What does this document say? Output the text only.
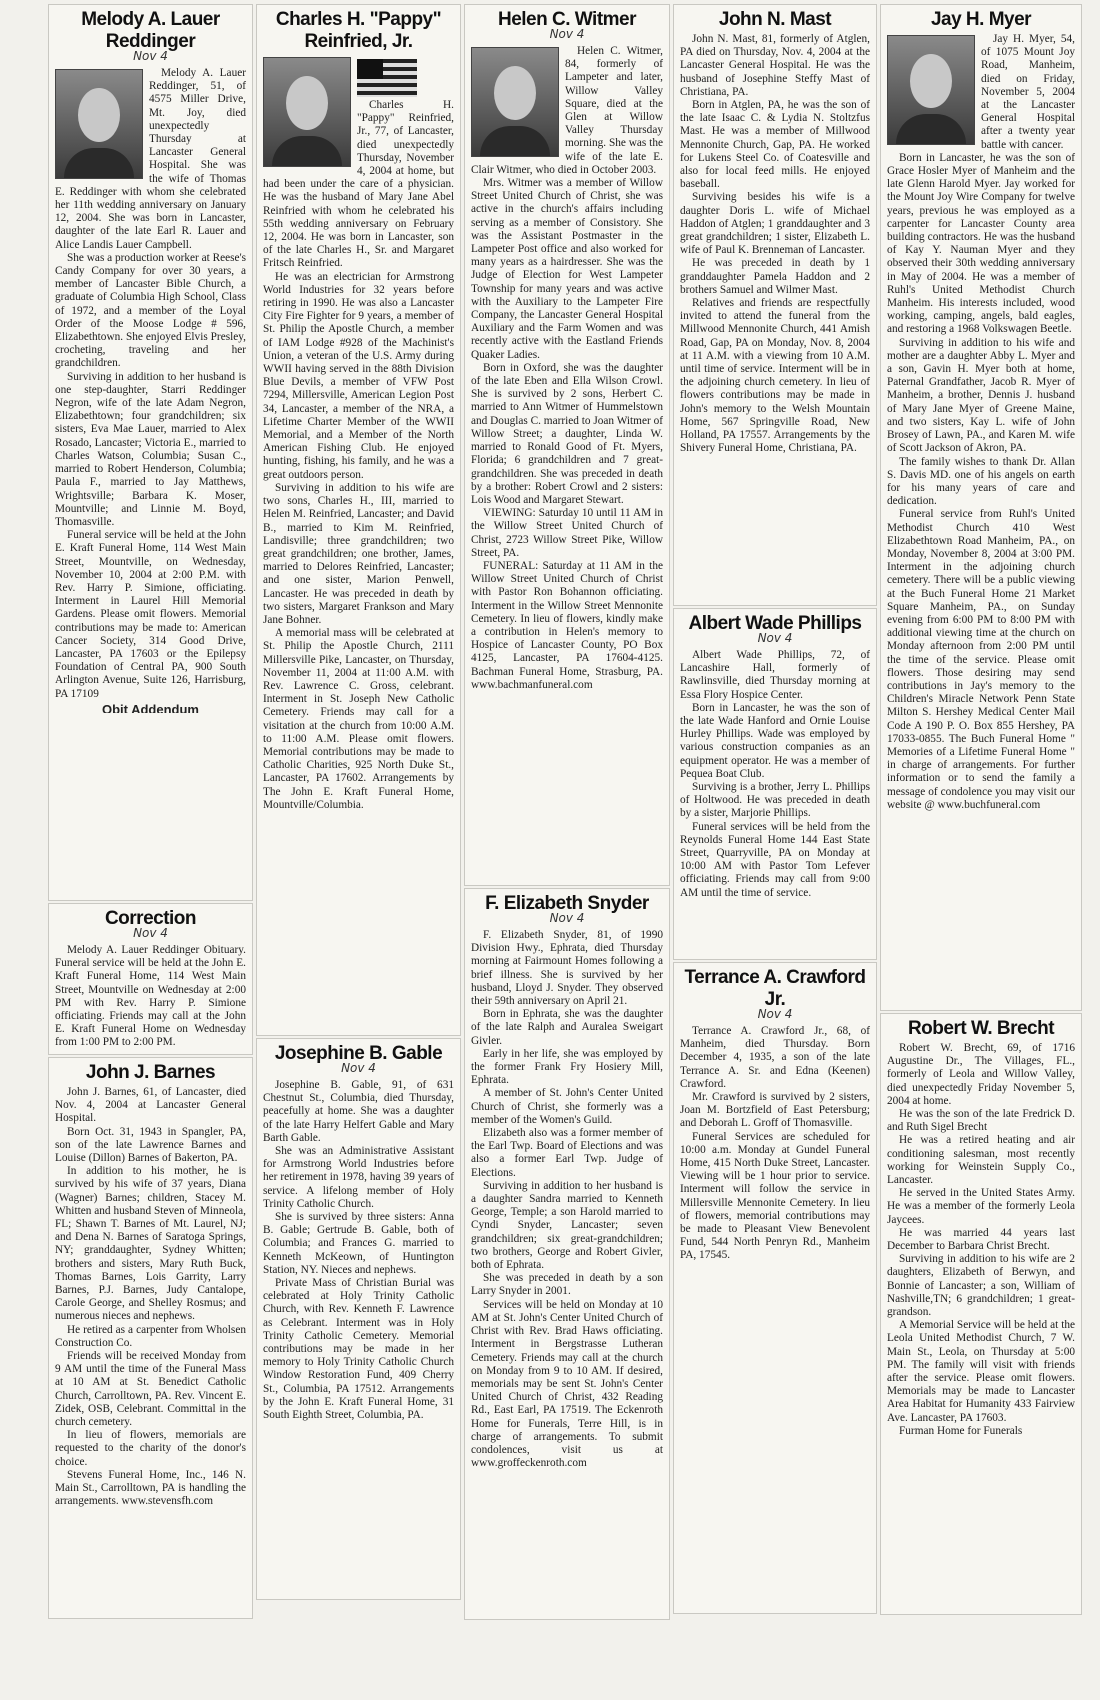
Melody A. Lauer Reddinger
Nov 4

Melody A. Lauer Reddinger, 51, of 4575 Miller Drive, Mt. Joy, died unexpectedly Thursday at Lancaster General Hospital. She was the wife of Thomas E. Reddinger with whom she celebrated her 11th wedding anniversary on January 12, 2004. She was born in Lancaster, daughter of the late Earl R. Lauer and Alice Landis Lauer Campbell.

She was a production worker at Reese's Candy Company for over 30 years, a member of Lancaster Bible Church, a graduate of Columbia High School, Class of 1972, and a member of the Loyal Order of the Moose Lodge # 596, Elizabethtown. She enjoyed Elvis Presley, crocheting, traveling and her grandchildren.

Surviving in addition to her husband is one step-daughter, Starri Reddinger Negron, wife of the late Adam Negron, Elizabethtown; four grandchildren; six sisters, Eva Mae Lauer, married to Alex Rosado, Lancaster; Victoria E., married to Charles Watson, Columbia; Susan C., married to Robert Henderson, Columbia; Paula F., married to Jay Matthews, Wrightsville; Barbara K. Moser, Mountville; and Linnie M. Boyd, Thomasville.

Funeral service will be held at the John E. Kraft Funeral Home, 114 West Main Street, Mountville, on Wednesday, November 10, 2004 at 2:00 P.M. with Rev. Harry P. Simione, officiating. Interment in Laurel Hill Memorial Gardens. Please omit flowers. Memorial contributions may be made to: American Cancer Society, 314 Good Drive, Lancaster, PA 17603 or the Epilepsy Foundation of Central PA, 900 South Arlington Avenue, Suite 126, Harrisburg, PA 17109

Obit Addendum
Correction
Nov 4

Melody A. Lauer Reddinger Obituary. Funeral service will be held at the John E. Kraft Funeral Home, 114 West Main Street, Mountville on Wednesday at 2:00 PM with Rev. Harry P. Simione officiating. Friends may call at the John E. Kraft Funeral Home on Wednesday from 1:00 PM to 2:00 PM.

John J. Barnes

John J. Barnes, 61, of Lancaster, died Nov. 4, 2004 at Lancaster General Hospital.

Born Oct. 31, 1943 in Spangler, PA, son of the late Lawrence Barnes and Louise (Dillon) Barnes of Bakerton, PA.

In addition to his mother, he is survived by his wife of 37 years, Diana (Wagner) Barnes; children, Stacey M. Whitten and husband Steven of Minneola, FL; Shawn T. Barnes of Mt. Laurel, NJ; and Dena N. Barnes of Saratoga Springs, NY; granddaughter, Sydney Whitten; brothers and sisters, Mary Ruth Buck, Thomas Barnes, Lois Garrity, Larry Barnes, P.J. Barnes, Judy Cantalope, Carole George, and Shelley Rosmus; and numerous nieces and nephews.

He retired as a carpenter from Wholsen Construction Co.

Friends will be received Monday from 9 AM until the time of the Funeral Mass at 10 AM at St. Benedict Catholic Church, Carrolltown, PA. Rev. Vincent E. Zidek, OSB, Celebrant. Committal in the church cemetery.

In lieu of flowers, memorials are requested to the charity of the donor's choice.

Stevens Funeral Home, Inc., 146 N. Main St., Carrolltown, PA is handling the arrangements. www.stevensfh.com

Charles H. "Pappy" Reinfried, Jr.

Charles H. "Pappy" Reinfried, Jr., 77, of Lancaster, died unexpectedly Thursday, November 4, 2004 at home, but had been under the care of a physician. He was the husband of Mary Jane Abel Reinfried with whom he celebrated his 55th wedding anniversary on February 12, 2004. He was born in Lancaster, son of the late Charles H., Sr. and Margaret Fritsch Reinfried.

He was an electrician for Armstrong World Industries for 32 years before retiring in 1990. He was also a Lancaster City Fire Fighter for 9 years, a member of St. Philip the Apostle Church, a member of IAM Lodge #928 of the Machinist's Union, a veteran of the U.S. Army during WWII having served in the 88th Division Blue Devils, a member of VFW Post 7294, Millersville, American Legion Post 34, Lancaster, a member of the NRA, a Lifetime Charter Member of the WWII Memorial, and a Member of the North American Fishing Club. He enjoyed hunting, fishing, his family, and he was a great outdoors person.

Surviving in addition to his wife are two sons, Charles H., III, married to Helen M. Reinfried, Lancaster; and David B., married to Kim M. Reinfried, Landisville; three grandchildren; two great grandchildren; one brother, James, married to Delores Reinfried, Lancaster; and one sister, Marion Penwell, Lancaster. He was preceded in death by two sisters, Margaret Frankson and Mary Jane Bohner.

A memorial mass will be celebrated at St. Philip the Apostle Church, 2111 Millersville Pike, Lancaster, on Thursday, November 11, 2004 at 11:00 A.M. with Rev. Lawrence C. Gross, celebrant. Interment in St. Joseph New Catholic Cemetery. Friends may call for a visitation at the church from 10:00 A.M. to 11:00 A.M. Please omit flowers. Memorial contributions may be made to Catholic Charities, 925 North Duke St., Lancaster, PA 17602. Arrangements by The John E. Kraft Funeral Home, Mountville/Columbia.

Josephine B. Gable
Nov 4

Josephine B. Gable, 91, of 631 Chestnut St., Columbia, died Thursday, peacefully at home. She was a daughter of the late Harry Helfert Gable and Mary Barth Gable.

She was an Administrative Assistant for Armstrong World Industries before her retirement in 1978, having 39 years of service. A lifelong member of Holy Trinity Catholic Church.

She is survived by three sisters: Anna B. Gable; Gertrude B. Gable, both of Columbia; and Frances G. married to Kenneth McKeown, of Huntington Station, NY. Nieces and nephews.

Private Mass of Christian Burial was celebrated at Holy Trinity Catholic Church, with Rev. Kenneth F. Lawrence as Celebrant. Interment was in Holy Trinity Catholic Cemetery. Memorial contributions may be made in her memory to Holy Trinity Catholic Church Window Restoration Fund, 409 Cherry St., Columbia, PA 17512. Arrangements by the John E. Kraft Funeral Home, 31 South Eighth Street, Columbia, PA.

Helen C. Witmer
Nov 4

Helen C. Witmer, 84, formerly of Lampeter and later, Willow Valley Square, died at the Glen at Willow Valley Thursday morning. She was the wife of the late E. Clair Witmer, who died in October 2003.

Mrs. Witmer was a member of Willow Street United Church of Christ, she was active in the church's affairs including serving as a member of Consistory. She was the Assistant Postmaster in the Lampeter Post office and also worked for many years as a hairdresser. She was the Judge of Election for West Lampeter Township for many years and was active with the Auxiliary to the Lampeter Fire Company, the Lancaster General Hospital Auxiliary and the Farm Women and was recently active with the Eastland Friends Quaker Ladies.

Born in Oxford, she was the daughter of the late Eben and Ella Wilson Crowl. She is survived by 2 sons, Herbert C. married to Ann Witmer of Hummelstown and Douglas C. married to Joan Witmer of Willow Street; a daughter, Linda W. married to Ronald Good of Ft. Myers, Florida; 6 grandchildren and 7 great-grandchildren. She was preceded in death by a brother: Robert Crowl and 2 sisters: Lois Wood and Margaret Stewart.

VIEWING: Saturday 10 until 11 AM in the Willow Street United Church of Christ, 2723 Willow Street Pike, Willow Street, PA.

FUNERAL: Saturday at 11 AM in the Willow Street United Church of Christ with Pastor Ron Bohannon officiating. Interment in the Willow Street Mennonite Cemetery. In lieu of flowers, kindly make a contribution in Helen's memory to Hospice of Lancaster County, PO Box 4125, Lancaster, PA 17604-4125. Bachman Funeral Home, Strasburg, PA. www.bachmanfuneral.com

F. Elizabeth Snyder
Nov 4

F. Elizabeth Snyder, 81, of 1990 Division Hwy., Ephrata, died Thursday morning at Fairmount Homes following a brief illness. She is survived by her husband, Lloyd J. Snyder. They observed their 59th anniversary on April 21.

Born in Ephrata, she was the daughter of the late Ralph and Auralea Sweigart Givler.

Early in her life, she was employed by the former Frank Fry Hosiery Mill, Ephrata.

A member of St. John's Center United Church of Christ, she formerly was a member of the Women's Guild.

Elizabeth also was a former member of the Earl Twp. Board of Elections and was also a former Earl Twp. Judge of Elections.

Surviving in addition to her husband is a daughter Sandra married to Kenneth George, Temple; a son Harold married to Cyndi Snyder, Lancaster; seven grandchildren; six great-grandchildren; two brothers, George and Robert Givler, both of Ephrata.

She was preceded in death by a son Larry Snyder in 2001.

Services will be held on Monday at 10 AM at St. John's Center United Church of Christ with Rev. Brad Haws officiating. Interment in Bergstrasse Lutheran Cemetery. Friends may call at the church on Monday from 9 to 10 AM. If desired, memorials may be sent St. John's Center United Church of Christ, 432 Reading Rd., East Earl, PA 17519. The Eckenroth Home for Funerals, Terre Hill, is in charge of arrangements. To submit condolences, visit us at www.groffeckenroth.com

John N. Mast

John N. Mast, 81, formerly of Atglen, PA died on Thursday, Nov. 4, 2004 at the Lancaster General Hospital. He was the husband of Josephine Steffy Mast of Christiana, PA.

Born in Atglen, PA, he was the son of the late Isaac C. & Lydia N. Stoltzfus Mast. He was a member of Millwood Mennonite Church, Gap, PA. He worked for Lukens Steel Co. of Coatesville and also for local feed mills. He enjoyed baseball.

Surviving besides his wife is a daughter Doris L. wife of Michael Haddon of Atglen; 1 granddaughter and 3 great grandchildren; 1 sister, Elizabeth L. wife of Paul K. Brenneman of Lancaster.

He was preceded in death by 1 granddaughter Pamela Haddon and 2 brothers Samuel and Wilmer Mast.

Relatives and friends are respectfully invited to attend the funeral from the Millwood Mennonite Church, 441 Amish Road, Gap, PA on Monday, Nov. 8, 2004 at 11 A.M. with a viewing from 10 A.M. until time of service. Interment will be in the adjoining church cemetery. In lieu of flowers contributions may be made in John's memory to the Welsh Mountain Home, 567 Springville Road, New Holland, PA 17557. Arrangements by the Shivery Funeral Home, Christiana, PA.

Albert Wade Phillips
Nov 4

Albert Wade Phillips, 72, of Lancashire Hall, formerly of Rawlinsville, died Thursday morning at Essa Flory Hospice Center.

Born in Lancaster, he was the son of the late Wade Hanford and Ornie Louise Hurley Phillips. Wade was employed by various construction companies as an equipment operator. He was a member of Pequea Boat Club.

Surviving is a brother, Jerry L. Phillips of Holtwood. He was preceded in death by a sister, Marjorie Phillips.

Funeral services will be held from the Reynolds Funeral Home 144 East State Street, Quarryville, PA on Monday at 10:00 AM with Pastor Tom Lefever officiating. Friends may call from 9:00 AM until the time of service.

Terrance A. Crawford Jr.
Nov 4

Terrance A. Crawford Jr., 68, of Manheim, died Thursday. Born December 4, 1935, a son of the late Terrance A. Sr. and Edna (Keenen) Crawford.

Mr. Crawford is survived by 2 sisters, Joan M. Bortzfield of East Petersburg; and Deborah L. Groff of Thomasville.

Funeral Services are scheduled for 10:00 a.m. Monday at Gundel Funeral Home, 415 North Duke Street, Lancaster. Viewing will be 1 hour prior to service. Interment will follow the service in Millersville Mennonite Cemetery. In lieu of flowers, memorial contributions may be made to Pleasant View Benevolent Fund, 544 North Penryn Rd., Manheim PA, 17545.

Jay H. Myer

Jay H. Myer, 54, of 1075 Mount Joy Road, Manheim, died on Friday, November 5, 2004 at the Lancaster General Hospital after a twenty year battle with cancer.

Born in Lancaster, he was the son of Grace Hosler Myer of Manheim and the late Glenn Harold Myer. Jay worked for the Mount Joy Wire Company for twelve years, previous he was employed as a carpenter for Lancaster County area building contractors. He was the husband of Kay Y. Nauman Myer and they observed their 30th wedding anniversary in May of 2004. He was a member of Ruhl's United Methodist Church Manheim. His interests included, wood working, camping, angels, bald eagles, and restoring a 1968 Volkswagen Beetle.

Surviving in addition to his wife and mother are a daughter Abby L. Myer and a son, Gavin H. Myer both at home, Paternal Grandfather, Jacob R. Myer of Manheim, a brother, Dennis J. husband of Mary Jane Myer of Greene Maine, and two sisters, Kay L. wife of John Brosey of Lawn, PA., and Karen M. wife of Scott Jackson of Akron, PA.

The family wishes to thank Dr. Allan S. Davis MD. one of his angels on earth for his many years of care and dedication.

Funeral service from Ruhl's United Methodist Church 410 West Elizabethtown Road Manheim, PA., on Monday, November 8, 2004 at 3:00 PM. Interment in the adjoining church cemetery. There will be a public viewing at the Buch Funeral Home 21 Market Square Manheim, PA., on Sunday evening from 6:00 PM to 8:00 PM with additional viewing time at the church on Monday afternoon from 2:00 PM until the time of the service. Please omit flowers. Those desiring may send contributions in Jay's memory to the Children's Miracle Network Penn State Milton S. Hershey Medical Center Mail Code A 190 P. O. Box 855 Hershey, PA 17033-0855. The Buch Funeral Home " Memories of a Lifetime Funeral Home " in charge of arrangements. For further information or to send the family a message of condolence you may visit our website @ www.buchfuneral.com

Robert W. Brecht

Robert W. Brecht, 69, of 1716 Augustine Dr., The Villages, FL., formerly of Leola and Willow Valley, died unexpectedly Friday November 5, 2004 at home.

He was the son of the late Fredrick D. and Ruth Sigel Brecht

He was a retired heating and air conditioning salesman, most recently working for Weinstein Supply Co., Lancaster.

He served in the United States Army. He was a member of the formerly Leola Jaycees.

He was married 44 years last December to Barbara Christ Brecht.

Surviving in addition to his wife are 2 daughters, Elizabeth of Berwyn, and Bonnie of Lancaster; a son, William of Nashville,TN; 6 grandchildren; 1 great-grandson.

A Memorial Service will be held at the Leola United Methodist Church, 7 W. Main St., Leola, on Thursday at 5:00 PM. The family will visit with friends after the service. Please omit flowers. Memorials may be made to Lancaster Area Habitat for Humanity 433 Fairview Ave. Lancaster, PA 17603.

Furman Home for Funerals
